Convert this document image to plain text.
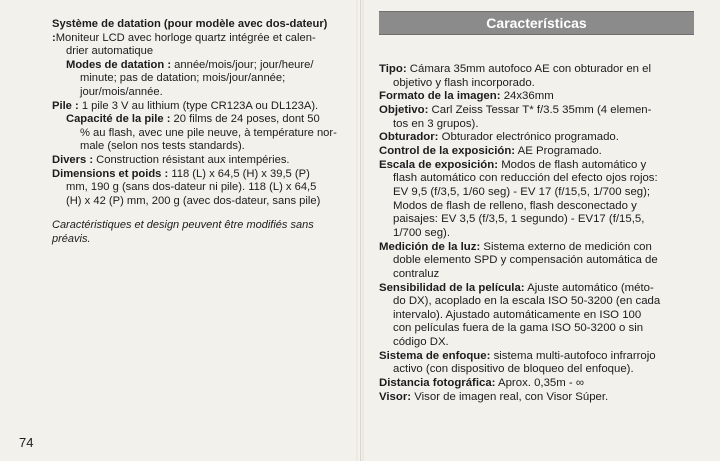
Système de datation (pour modèle avec dos-dateur) :Moniteur LCD avec horloge quartz intégrée et calen-
drier automatique
Modes de datation : année/mois/jour; jour/heure/
minute; pas de datation; mois/jour/année;
jour/mois/année.
Pile : 1 pile 3 V au lithium (type CR123A ou DL123A).
Capacité de la pile : 20 films de 24 poses, dont 50
% au flash, avec une pile neuve, à température nor-
male (selon nos tests standards).
Divers : Construction résistant aux intempéries.
Dimensions et poids : 118 (L) x 64,5 (H) x 39,5 (P)
mm, 190 g (sans dos-dateur ni pile). 118 (L) x 64,5
(H) x 42 (P) mm, 200 g (avec dos-dateur, sans pile)
Caractéristiques et design peuvent être modifiés sans
préavis.
74
Características
Tipo: Cámara 35mm autofoco AE con obturador en el
objetivo y flash incorporado.
Formato de la imagen: 24x36mm
Objetivo: Carl Zeiss Tessar T* f/3.5 35mm (4 elemen-
tos en 3 grupos).
Obturador: Obturador electrónico programado.
Control de la exposición: AE Programado.
Escala de exposición: Modos de flash automático y
flash automático con reducción del efecto ojos rojos:
EV 9,5 (f/3,5, 1/60 seg) - EV 17 (f/15,5, 1/700 seg);
Modos de flash de relleno, flash desconectado y
paisajes: EV 3,5 (f/3,5, 1 segundo) - EV17 (f/15,5,
1/700 seg).
Medición de la luz: Sistema externo de medición con
doble elemento SPD y compensación automática de
contraluz
Sensibilidad de la película: Ajuste automático (méto-
do DX), acoplado en la escala ISO 50-3200 (en cada
intervalo). Ajustado automáticamente en ISO 100
con películas fuera de la gama ISO 50-3200 o sin
código DX.
Sistema de enfoque: sistema multi-autofoco infrarrojo
activo (con dispositivo de bloqueo del enfoque).
Distancia fotográfica: Aprox. 0,35m - ∞
Visor: Visor de imagen real, con Visor Súper.
